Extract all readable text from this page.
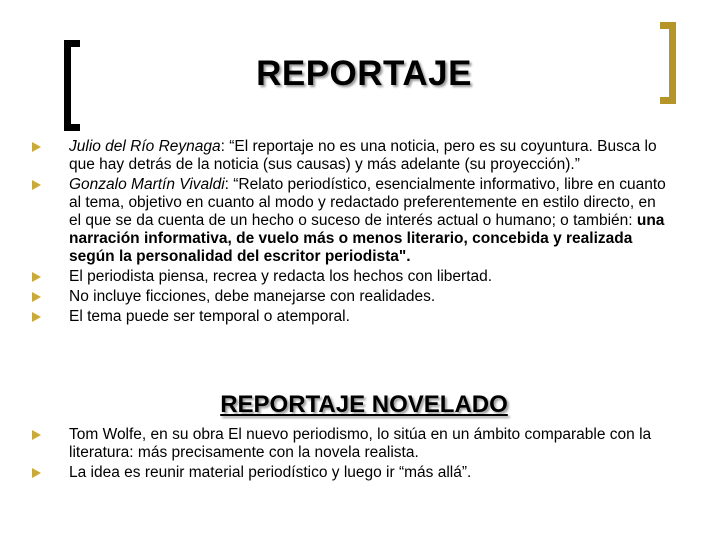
REPORTAJE
Julio del Río Reynaga: “El reportaje no es una noticia, pero es su coyuntura. Busca lo que hay detrás de la noticia (sus causas) y más adelante (su proyección).”
Gonzalo Martín Vivaldi: “Relato periodístico, esencialmente informativo, libre en cuanto al tema, objetivo en cuanto al modo y redactado preferentemente en estilo directo, en el que se da cuenta de un hecho o suceso de interés actual o humano; o también: una narración informativa, de vuelo más o menos literario, concebida y realizada según la personalidad del escritor periodista".
El periodista piensa, recrea y redacta los hechos con libertad.
No incluye ficciones, debe manejarse con realidades.
El tema puede ser temporal o atemporal.
REPORTAJE NOVELADO
Tom Wolfe, en su obra El nuevo periodismo, lo sitúa en un ámbito comparable con la literatura: más precisamente con la novela realista.
La idea es reunir material periodístico y luego ir “más allá”.
